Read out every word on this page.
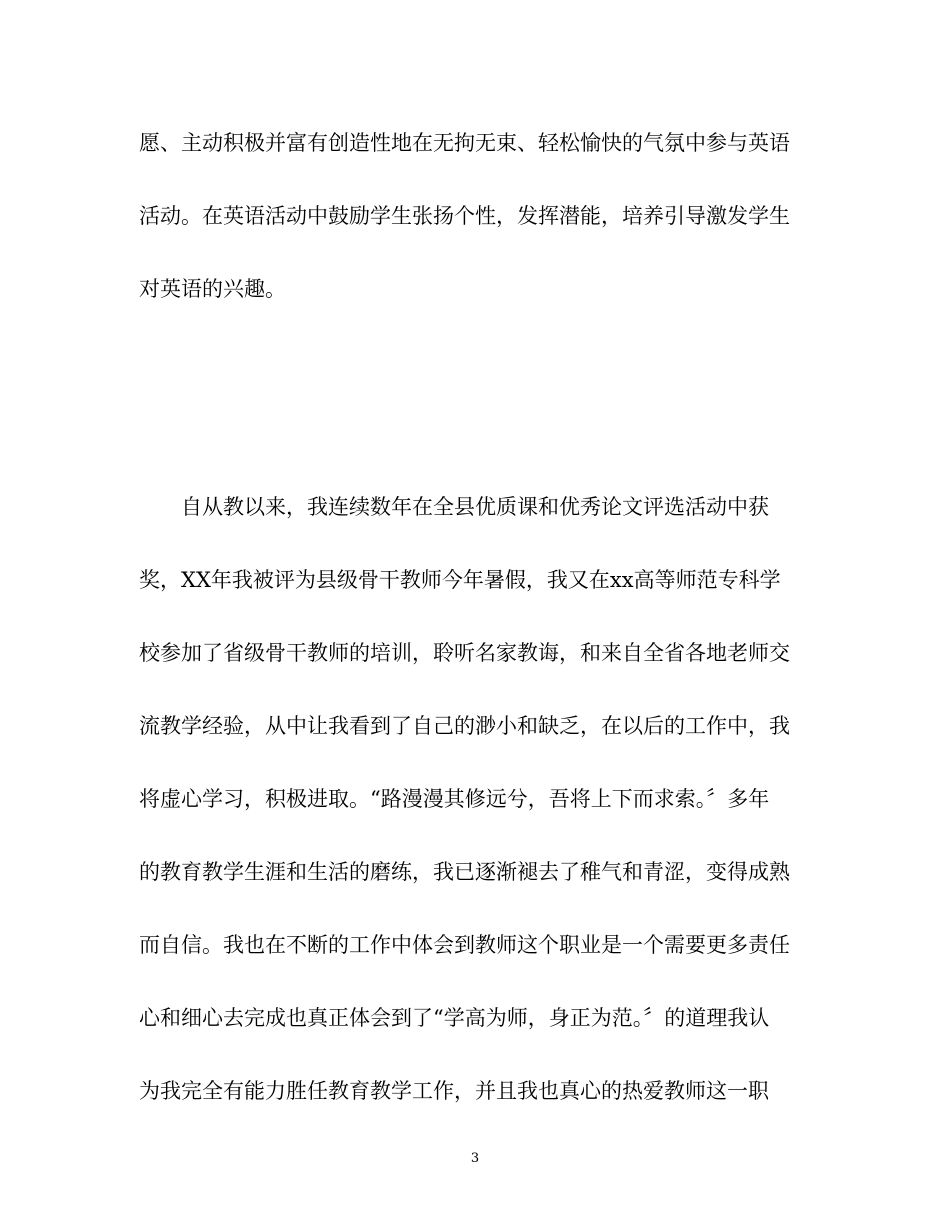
愿、主动积极并富有创造性地在无拘无束、轻松愉快的气氛中参与英语
活动。在英语活动中鼓励学生张扬个性，发挥潜能，培养引导激发学生
对英语的兴趣。
自从教以来，我连续数年在全县优质课和优秀论文评选活动中获
奖，XX年我被评为县级骨干教师今年暑假，我又在xx高等师范专科学
校参加了省级骨干教师的培训，聆听名家教诲，和来自全省各地老师交
流教学经验，从中让我看到了自己的渺小和缺乏，在以后的工作中，我
将虚心学习，积极进取。“路漫漫其修远兮，吾将上下而求索。〞多年
的教育教学生涯和生活的磨练，我已逐渐褪去了稚气和青涩，变得成熟
而自信。我也在不断的工作中体会到教师这个职业是一个需要更多责任
心和细心去完成也真正体会到了“学高为师，身正为范。〞的道理我认
为我完全有能力胜任教育教学工作，并且我也真心的热爱教师这一职
3
